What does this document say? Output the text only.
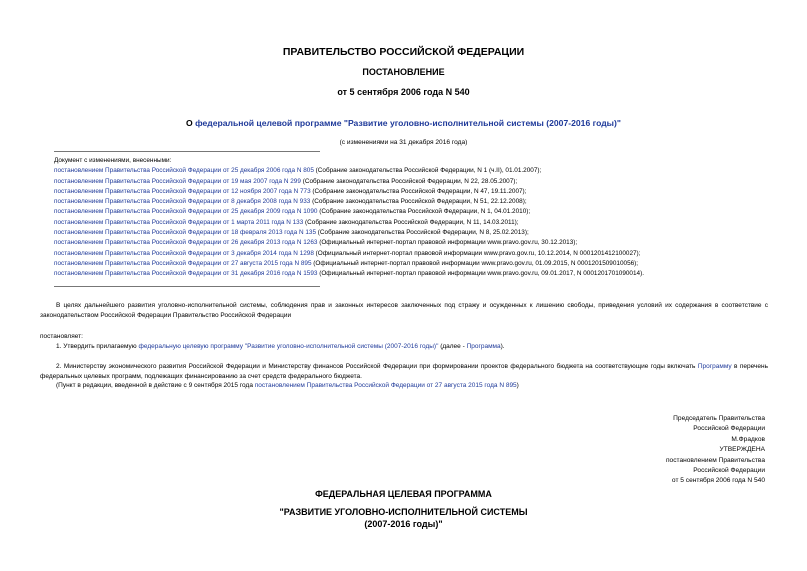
ПРАВИТЕЛЬСТВО РОССИЙСКОЙ ФЕДЕРАЦИИ
ПОСТАНОВЛЕНИЕ
от 5 сентября 2006 года N 540
О федеральной целевой программе "Развитие уголовно-исполнительной системы (2007-2016 годы)"
(с изменениями на 31 декабря 2016 года)
Документ с изменениями, внесенными:
постановлением Правительства Российской Федерации от 25 декабря 2006 года N 805 (Собрание законодательства Российской Федерации, N 1 (ч.II), 01.01.2007);
постановлением Правительства Российской Федерации от 19 мая 2007 года N 299 (Собрание законодательства Российской Федерации, N 22, 28.05.2007);
постановлением Правительства Российской Федерации от 12 ноября 2007 года N 773 (Собрание законодательства Российской Федерации, N 47, 19.11.2007);
постановлением Правительства Российской Федерации от 8 декабря 2008 года N 933 (Собрание законодательства Российской Федерации, N 51, 22.12.2008);
постановлением Правительства Российской Федерации от 25 декабря 2009 года N 1090 (Собрание законодательства Российской Федерации, N 1, 04.01.2010);
постановлением Правительства Российской Федерации от 1 марта 2011 года N 133 (Собрание законодательства Российской Федерации, N 11, 14.03.2011);
постановлением Правительства Российской Федерации от 18 февраля 2013 года N 135 (Собрание законодательства Российской Федерации, N 8, 25.02.2013);
постановлением Правительства Российской Федерации от 26 декабря 2013 года N 1263 (Официальный интернет-портал правовой информации www.pravo.gov.ru, 30.12.2013);
постановлением Правительства Российской Федерации от 3 декабря 2014 года N 1298 (Официальный интернет-портал правовой информации www.pravo.gov.ru, 10.12.2014, N 0001201412100027);
постановлением Правительства Российской Федерации от 27 августа 2015 года N 895 (Официальный интернет-портал правовой информации www.pravo.gov.ru, 01.09.2015, N 0001201509010056);
постановлением Правительства Российской Федерации от 31 декабря 2016 года N 1593 (Официальный интернет-портал правовой информации www.pravo.gov.ru, 09.01.2017, N 0001201701090014).
В целях дальнейшего развития уголовно-исполнительной системы, соблюдения прав и законных интересов заключенных под стражу и осужденных к лишению свободы, приведения условий их содержания в соответствие с законодательством Российской Федерации Правительство Российской Федерации
постановляет:
1. Утвердить прилагаемую федеральную целевую программу "Развитие уголовно-исполнительной системы (2007-2016 годы)" (далее - Программа).
2. Министерству экономического развития Российской Федерации и Министерству финансов Российской Федерации при формировании проектов федерального бюджета на соответствующие годы включать Программу в перечень федеральных целевых программ, подлежащих финансированию за счет средств федерального бюджета.
(Пункт в редакции, введенной в действие с 9 сентября 2015 года постановлением Правительства Российской Федерации от 27 августа 2015 года N 895)
Председатель Правительства
Российской Федерации
М.Фрадков
УТВЕРЖДЕНА
постановлением Правительства
Российской Федерации
от 5 сентября 2006 года N 540
ФЕДЕРАЛЬНАЯ ЦЕЛЕВАЯ ПРОГРАММА
"РАЗВИТИЕ УГОЛОВНО-ИСПОЛНИТЕЛЬНОЙ СИСТЕМЫ
(2007-2016 годы)"
